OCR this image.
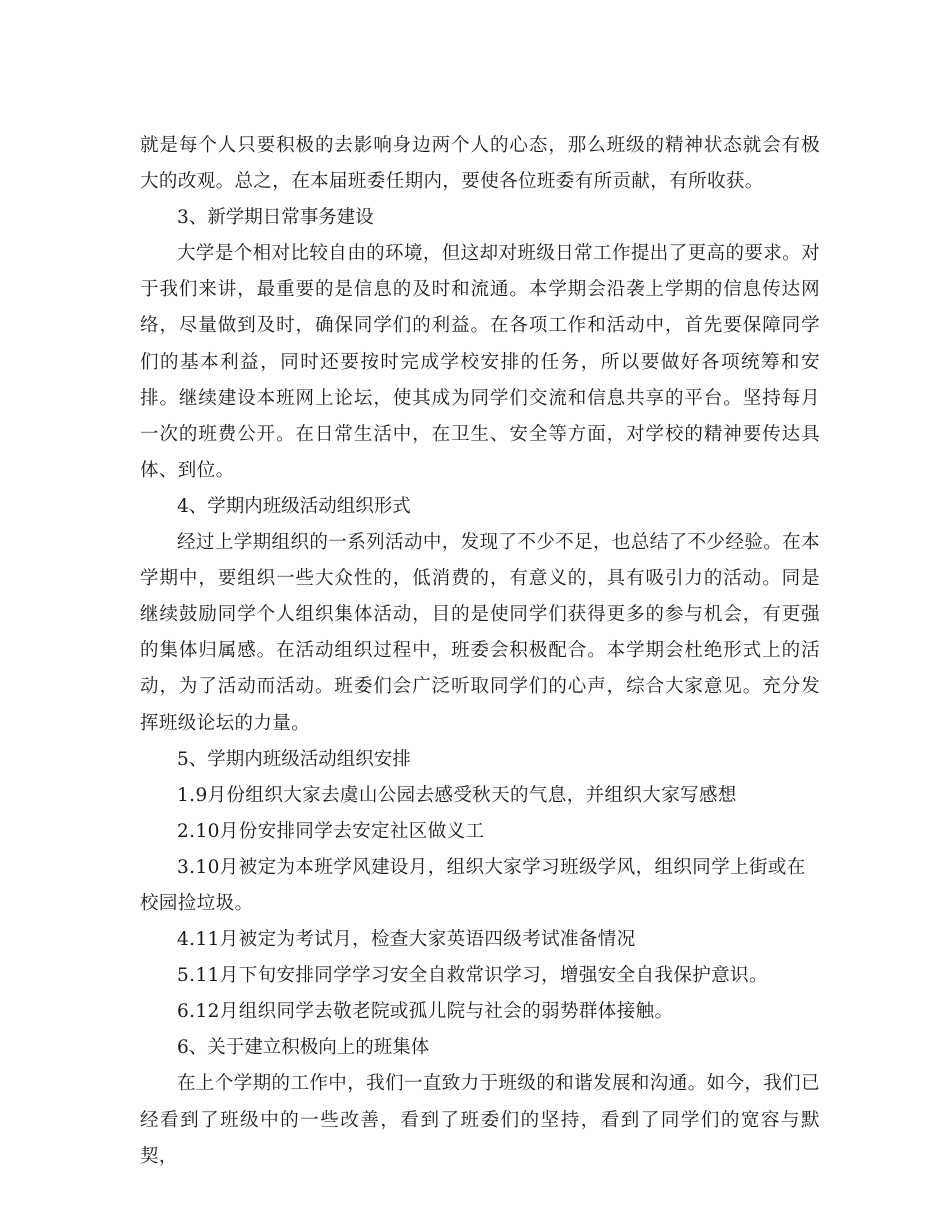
就是每个人只要积极的去影响身边两个人的心态，那么班级的精神状态就会有极大的改观。总之，在本届班委任期内，要使各位班委有所贡献，有所收获。

3、新学期日常事务建设

大学是个相对比较自由的环境，但这却对班级日常工作提出了更高的要求。对于我们来讲，最重要的是信息的及时和流通。本学期会沿袭上学期的信息传达网络，尽量做到及时，确保同学们的利益。在各项工作和活动中，首先要保障同学们的基本利益，同时还要按时完成学校安排的任务，所以要做好各项统筹和安排。继续建设本班网上论坛，使其成为同学们交流和信息共享的平台。坚持每月一次的班费公开。在日常生活中，在卫生、安全等方面，对学校的精神要传达具体、到位。

4、学期内班级活动组织形式

经过上学期组织的一系列活动中，发现了不少不足，也总结了不少经验。在本学期中，要组织一些大众性的，低消费的，有意义的，具有吸引力的活动。同是继续鼓励同学个人组织集体活动，目的是使同学们获得更多的参与机会，有更强的集体归属感。在活动组织过程中，班委会积极配合。本学期会杜绝形式上的活动，为了活动而活动。班委们会广泛听取同学们的心声，综合大家意见。充分发挥班级论坛的力量。

5、学期内班级活动组织安排

1.9月份组织大家去虞山公园去感受秋天的气息，并组织大家写感想

2.10月份安排同学去安定社区做义工

3.10月被定为本班学风建设月，组织大家学习班级学风，组织同学上街或在校园捡垃圾。

4.11月被定为考试月，检查大家英语四级考试准备情况

5.11月下旬安排同学学习安全自救常识学习，增强安全自我保护意识。

6.12月组织同学去敬老院或孤儿院与社会的弱势群体接触。

6、关于建立积极向上的班集体

在上个学期的工作中，我们一直致力于班级的和谐发展和沟通。如今，我们已经看到了班级中的一些改善，看到了班委们的坚持，看到了同学们的宽容与默契，
